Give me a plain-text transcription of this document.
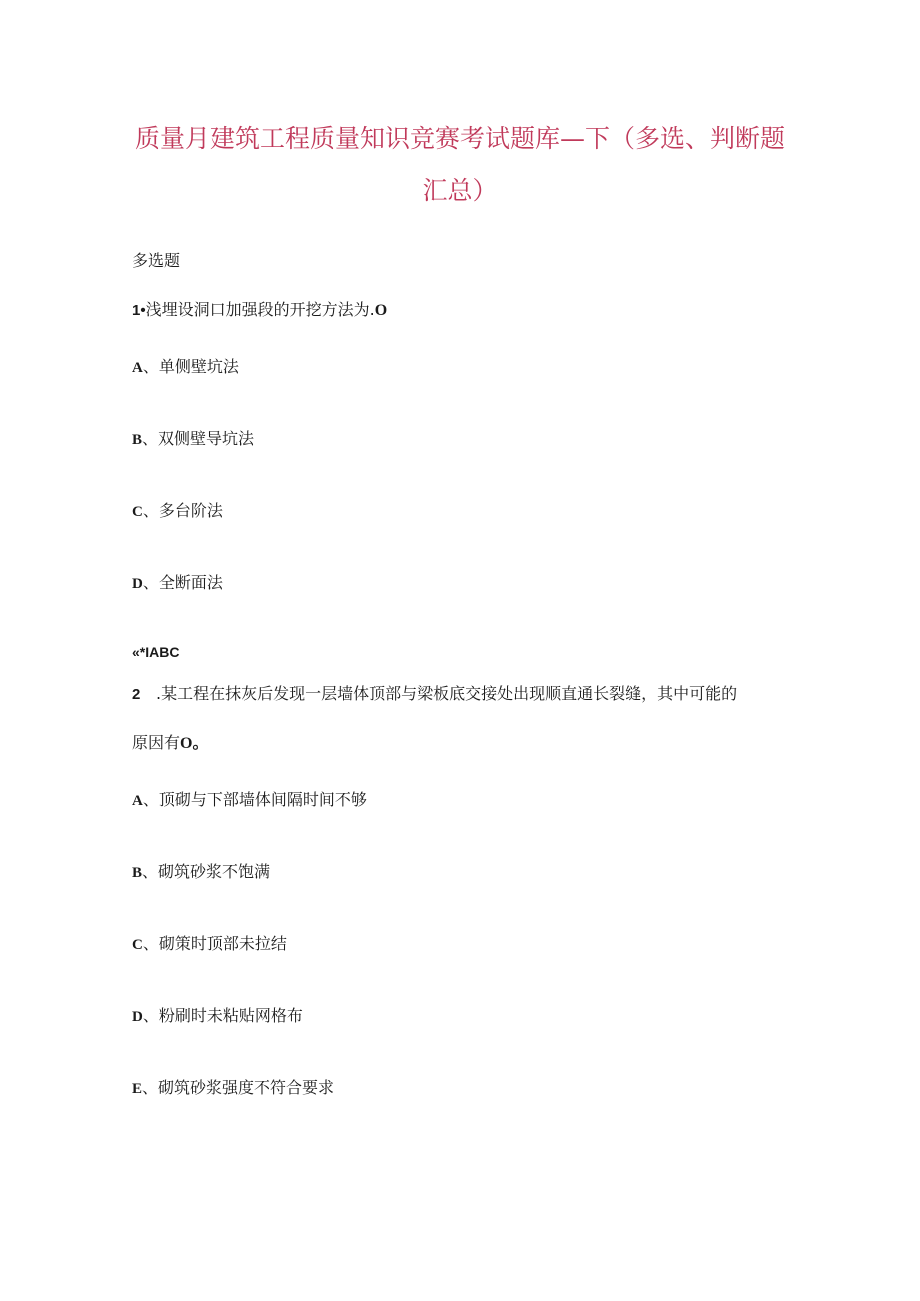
质量月建筑工程质量知识竞赛考试题库—下（多选、判断题
汇总）
多选题
1•浅埋设洞口加强段的开挖方法为.O
A、单侧壁坑法
B、双侧壁导坑法
C、多台阶法
D、全断面法
«*IABC
2 .某工程在抹灰后发现一层墙体顶部与梁板底交接处出现顺直通长裂缝，其中可能的
原因有O。
A、顶砌与下部墙体间隔时间不够
B、砌筑砂浆不饱满
C、砌策时顶部未拉结
D、粉刷时未粘贴网格布
E、砌筑砂浆强度不符合要求
